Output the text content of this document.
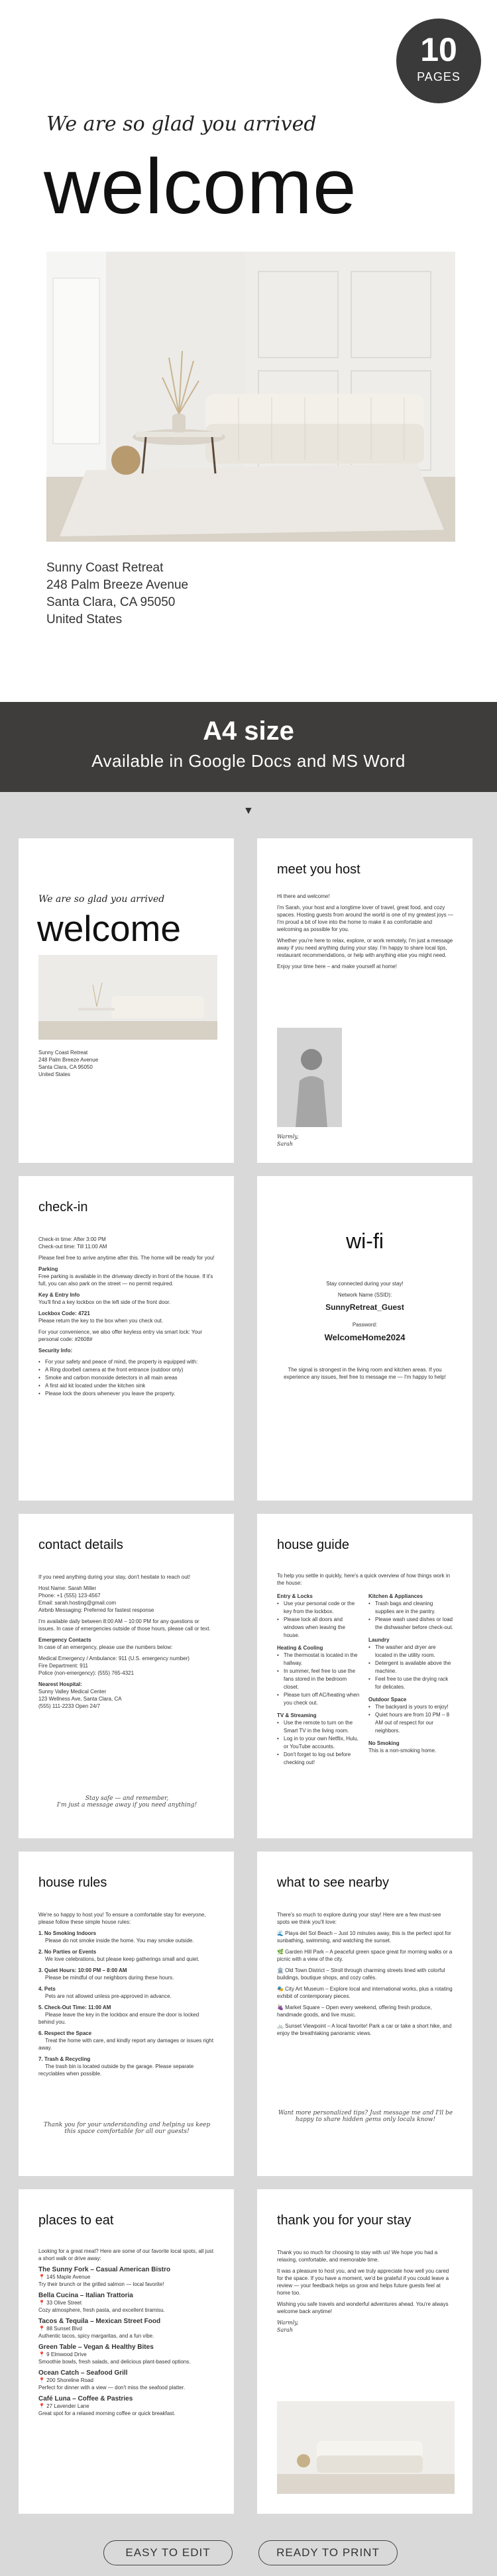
10
PAGES
We are so glad you arrived
welcome
Sunny Coast Retreat
248 Palm Breeze Avenue
Santa Clara, CA 95050
United States
A4 size
Available in Google Docs and MS Word
▼
We are so glad you arrived
welcome
Sunny Coast Retreat
248 Palm Breeze Avenue
Santa Clara, CA 95050
United States
meet you host

Hi there and welcome!

I'm Sarah, your host and a longtime lover of travel, great food, and cozy spaces. Hosting guests from around the world is one of my greatest joys — I'm proud a bit of love into the home to make it as comfortable and welcoming as possible for you.

Whether you're here to relax, explore, or work remotely, I'm just a message away if you need anything during your stay. I'm happy to share local tips, restaurant recommendations, or help with anything else you might need.

Enjoy your time here – and make yourself at home!

Warmly,
Sarah
check-in

Check-in time: After 3:00 PM
Check-out time: Till 11:00 AM

Please feel free to arrive anytime after this. The home will be ready for you!

Parking
Free parking is available in the driveway directly in front of the house. If it's full, you can also park on the street — no permit required.

Key & Entry Info
You'll find a key lockbox on the left side of the front door.

Lockbox Code: 4721
Please return the key to the box when you check out.

For your convenience, we also offer keyless entry via smart lock: Your personal code: #2608#

Security Info:

• For your safety and peace of mind, the property is equipped with:
• A Ring doorbell camera at the front entrance (outdoor only)
• Smoke and carbon monoxide detectors in all main areas
• A first aid kit located under the kitchen sink
• Please lock the doors whenever you leave the property.
wi-fi
Stay connected during your stay!
Network Name (SSID):
SunnyRetreat_Guest
Password:
WelcomeHome2024
The signal is strongest in the living room and kitchen areas. If you experience any issues, feel free to message me — I'm happy to help!
contact details

If you need anything during your stay, don't hesitate to reach out!

Host Name: Sarah Miller
Phone: +1 (555) 123-4567
Email: sarah.hosting@gmail.com
Airbnb Messaging: Preferred for fastest response

I'm available daily between 8:00 AM – 10:00 PM for any questions or issues. In case of emergencies outside of those hours, please call or text.

Emergency Contacts
In case of an emergency, please use the numbers below:

Medical Emergency / Ambulance: 911 (U.S. emergency number)
Fire Department: 911
Police (non-emergency): (555) 765-4321

Nearest Hospital:
Sunny Valley Medical Center
123 Wellness Ave, Santa Clara, CA
(555) 111-2233 Open 24/7

Stay safe — and remember,
I'm just a message away if you need anything!
house guide
To help you settle in quickly, here's a quick overview of how things work in the house:
Entry & Locks
• Use your personal code or the key from the lockbox.
• Please lock all doors and windows when leaving the house.
Heating & Cooling
• The thermostat is located in the hallway.
• In summer, feel free to use the fans stored in the bedroom closet.
• Please turn off AC/heating when you check out.
TV & Streaming
• Use the remote to turn on the Smart TV in the living room.
• Log in to your own Netflix, Hulu, or YouTube accounts.
• Don't forget to log out before checking out!
Kitchen & Appliances
• Trash bags and cleaning supplies are in the pantry.
• Please wash used dishes or load the dishwasher before check-out.
Laundry
• The washer and dryer are located in the utility room.
• Detergent is available above the machine.
• Feel free to use the drying rack for delicates.
Outdoor Space
• The backyard is yours to enjoy!
• Quiet hours are from 10 PM – 8 AM out of respect for our neighbors.
No Smoking
This is a non-smoking home.
house rules

We're so happy to host you! To ensure a comfortable stay for everyone, please follow these simple house rules:

1. No Smoking Indoors
Please do not smoke inside the home. You may smoke outside.

2. No Parties or Events
We love celebrations, but please keep gatherings small and quiet.

3. Quiet Hours: 10:00 PM – 8:00 AM
Please be mindful of our neighbors during these hours.

4. Pets
Pets are not allowed unless pre-approved in advance.

5. Check-Out Time: 11:00 AM
Please leave the key in the lockbox and ensure the door is locked behind you.

6. Respect the Space
Treat the home with care, and kindly report any damages or issues right away.

7. Trash & Recycling
The trash bin is located outside by the garage. Please separate recyclables when possible.

Thank you for your understanding and helping us keep this space comfortable for all our guests!
what to see nearby

There's so much to explore during your stay! Here are a few must-see spots we think you'll love:

🌊 Playa del Sol Beach – Just 10 minutes away, this is the perfect spot for sunbathing, swimming, and watching the sunset.

🌿 Garden Hill Park – A peaceful green space great for morning walks or a picnic with a view of the city.

🏛️ Old Town District – Stroll through charming streets lined with colorful buildings, boutique shops, and cozy cafés.

🎭 City Art Museum – Explore local and international works, plus a rotating exhibit of contemporary pieces.

🍇 Market Square – Open every weekend, offering fresh produce, handmade goods, and live music.

🚲 Sunset Viewpoint – A local favorite! Park a car or take a short hike, and enjoy the breathtaking panoramic views.

Want more personalized tips? Just message me and I'll be happy to share hidden gems only locals know!
places to eat

Looking for a great meal? Here are some of our favorite local spots, all just a short walk or drive away:

The Sunny Fork – Casual American Bistro
📍 145 Maple Avenue
Try their brunch or the grilled salmon — local favorite!

Bella Cucina – Italian Trattoria
📍 33 Olive Street
Cozy atmosphere, fresh pasta, and excellent tiramisu.

Tacos & Tequila – Mexican Street Food
📍 88 Sunset Blvd
Authentic tacos, spicy margaritas, and a fun vibe.

Green Table – Vegan & Healthy Bites
📍 9 Elmwood Drive
Smoothie bowls, fresh salads, and delicious plant-based options.

Ocean Catch – Seafood Grill
📍 200 Shoreline Road
Perfect for dinner with a view — don't miss the seafood platter.

Café Luna – Coffee & Pastries
📍 27 Lavender Lane
Great spot for a relaxed morning coffee or quick breakfast.

thank you for your stay

Thank you so much for choosing to stay with us! We hope you had a relaxing, comfortable, and memorable time.

It was a pleasure to host you, and we truly appreciate how well you cared for the space. If you have a moment, we'd be grateful if you could leave a review — your feedback helps us grow and helps future guests feel at home too.

Wishing you safe travels and wonderful adventures ahead. You're always welcome back anytime!

Warmly,
Sarah

EASY TO EDIT	READY TO PRINT
